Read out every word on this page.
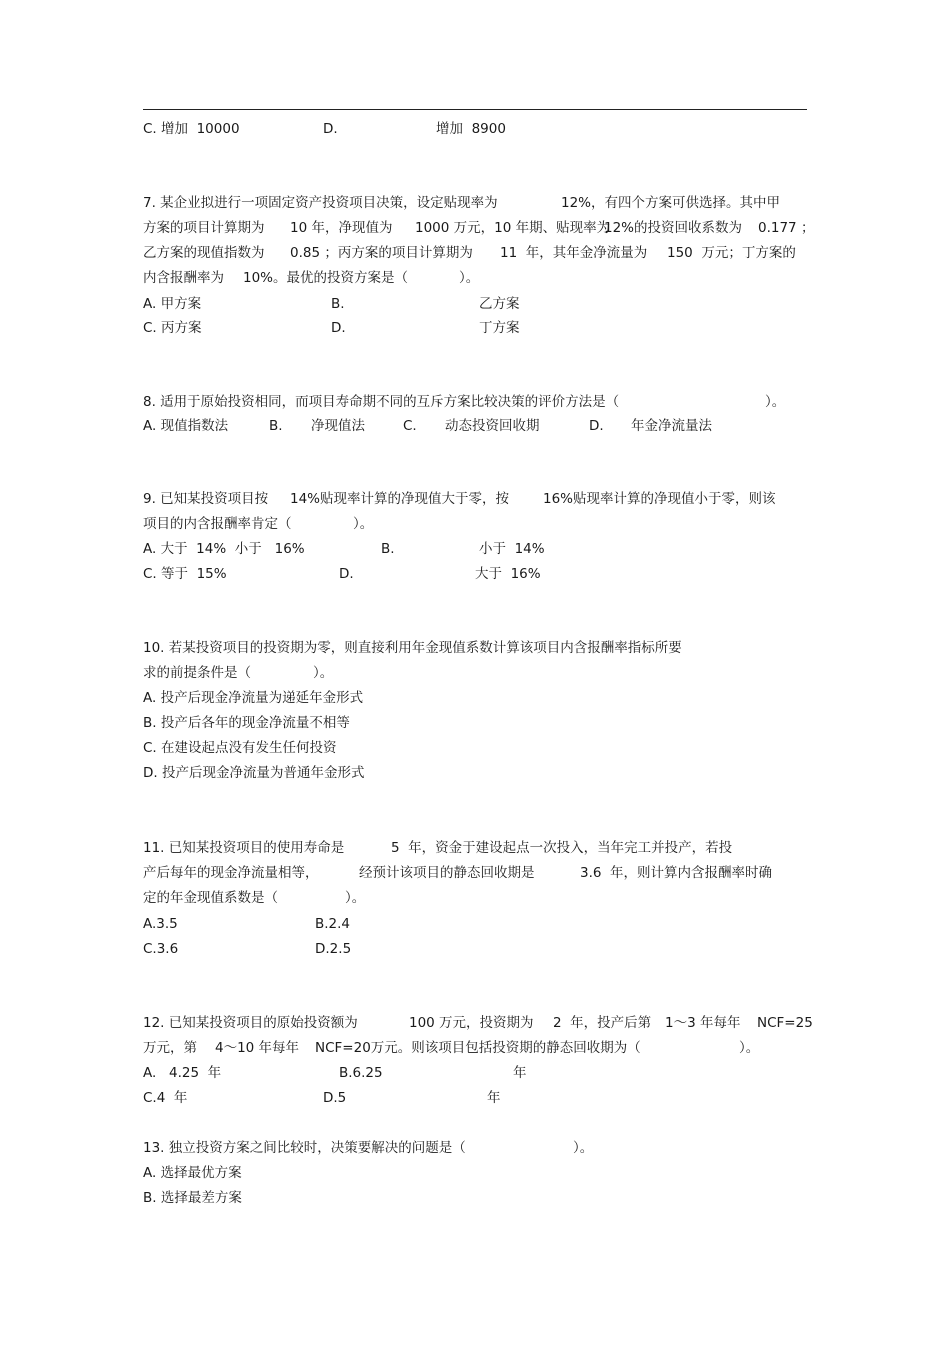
C. 增加  10000	D.	增加  8900
7. 某企业拟进行一项固定资产投资项目决策，设定贴现率为	12%，有四个方案可供选择。其中甲
方案的项目计算期为 10 年，净现值为 1000 万元，10 年期、贴现率为
12%的投资回收系数为 0.177 ；
乙方案的现值指数为 0.85 ；丙方案的项目计算期为 11  年，其年金净流量为 150  万元；丁方案的
内含报酬率为 10%。最优的投资方案是（	）。
A. 甲方案	B.	乙方案
C. 丙方案	D.	丁方案
8. 适用于原始投资相同，而项目寿命期不同的互斥方案比较决策的评价方法是（	）。
A. 现值指数法	B. 净现值法	C. 动态投资回收期	D. 年金净流量法
9. 已知某投资项目按 14%贴现率计算的净现值大于零，按	16%贴现率计算的净现值小于零，则该
项目的内含报酬率肯定（	）。
A. 大于  14%  小于   16%	B.	小于  14%
C. 等于  15%	D.	大于  16%
10. 若某投资项目的投资期为零，则直接利用年金现值系数计算该项目内含报酬率指标所要
求的前提条件是（	）。
A. 投产后现金净流量为递延年金形式
B. 投产后各年的现金净流量不相等
C. 在建设起点没有发生任何投资
D. 投产后现金净流量为普通年金形式
11. 已知某投资项目的使用寿命是	5  年，资金于建设起点一次投入，当年完工并投产，若投
产后每年的现金净流量相等，	经预计该项目的静态回收期是	3.6  年，则计算内含报酬率时确
定的年金现值系数是（	）。
A.3.5	B.2.4
C.3.6	D.2.5
12. 已知某投资项目的原始投资额为	100 万元，投资期为 2  年，投产后第 1～3 年每年 NCF=25
万元，第 4～10 年每年 NCF=20万元。则该项目包括投资期的静态回收期为（	）。
A. 4.25  年	B.6.25	年
C.4  年	D.5	年
13. 独立投资方案之间比较时，决策要解决的问题是（	）。
A. 选择最优方案
B. 选择最差方案
